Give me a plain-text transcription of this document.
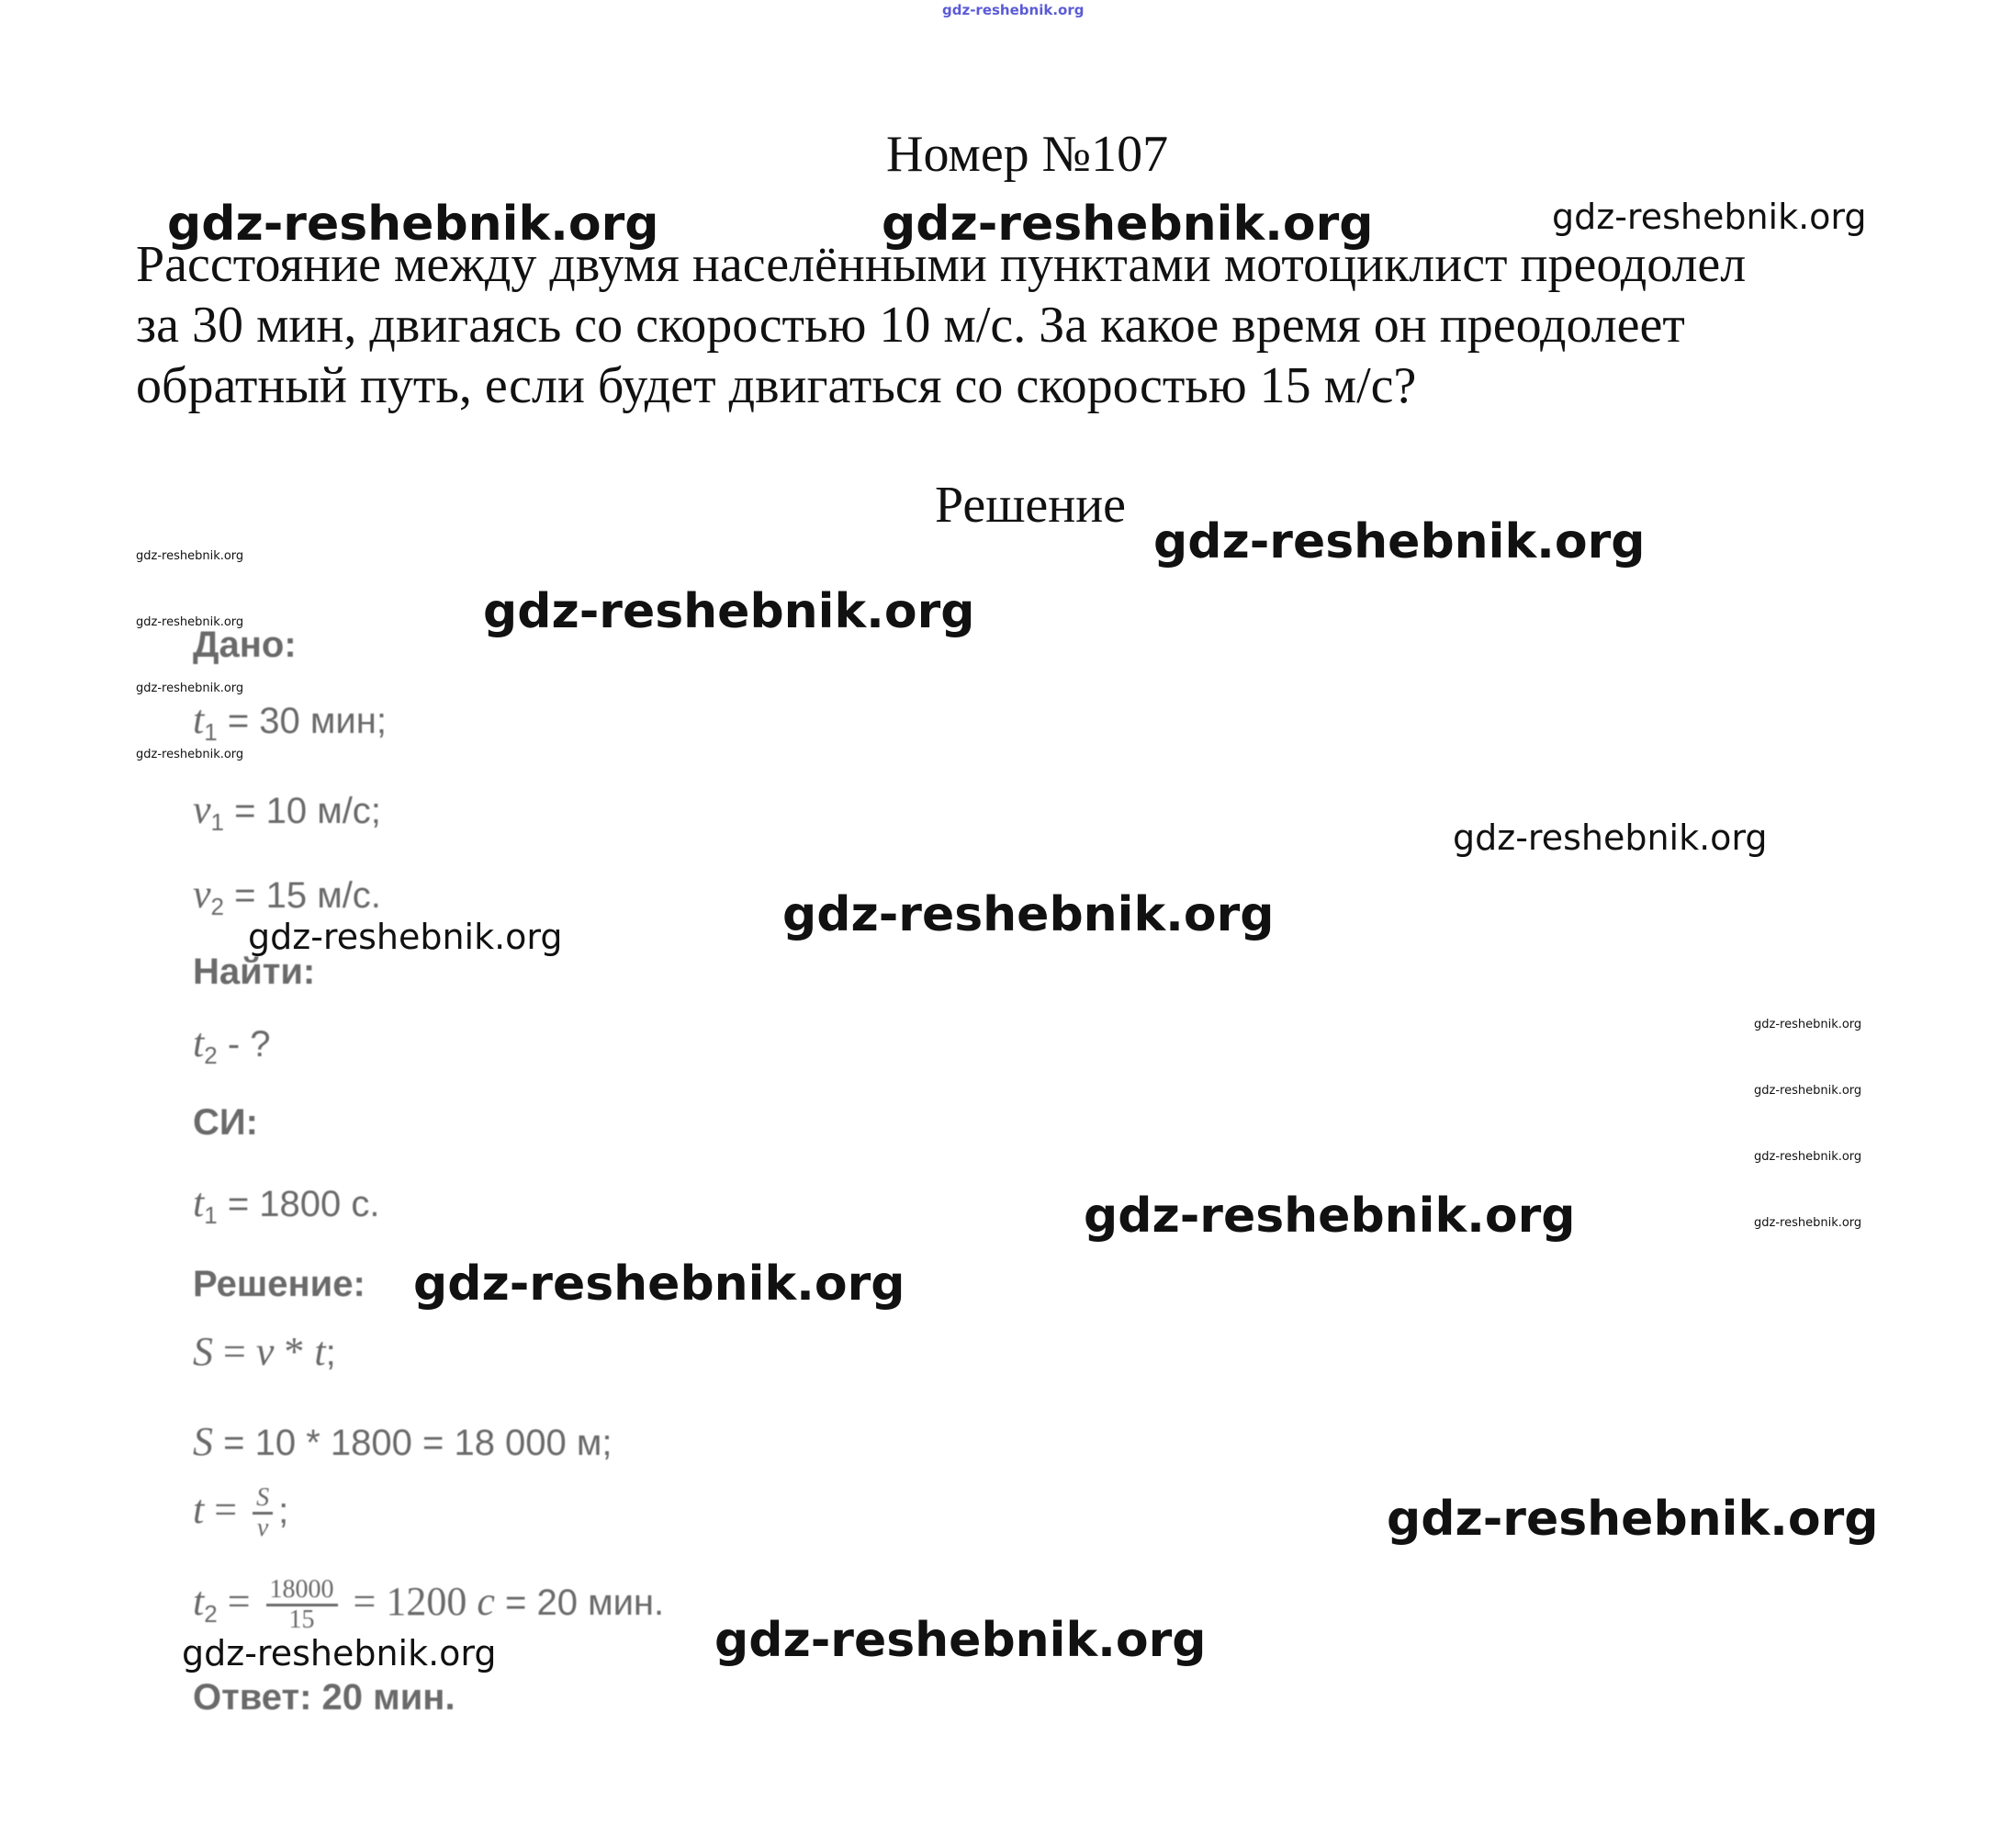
gdz-reshebnik.org
Номер №107
Расстояние между двумя населёнными пунктами мотоциклист преодолел
за 30 мин, двигаясь со скоростью 10 м/с. За какое время он преодолеет
обратный путь, если будет двигаться со скоростью 15 м/с?
Решение
Дано:
$t_1 = 30$ мин;
$v_1 = 10$ м/с;
$v_2 = 15$ м/с.
Найти:
$t_2$ - ?
СИ:
$t_1 = 1800$ с.
Решение:
S = v * t;
S = 10 * 1800 = 18 000 м;
$t = \frac{S}{v}$ ;
$t_2 = \frac{18000}{15} = 1200$ c = 20 мин.
Ответ: 20 мин.
gdz-reshebnik.org	gdz-reshebnik.org	gdz-reshebnik.org
gdz-reshebnik.org
gdz-reshebnik.org
gdz-reshebnik.org
gdz-reshebnik.org
gdz-reshebnik.org
gdz-reshebnik.org
gdz-reshebnik.org
gdz-reshebnik.org
gdz-reshebnik.org
gdz-reshebnik.org
gdz-reshebnik.org
gdz-reshebnik.org
gdz-reshebnik.org
gdz-reshebnik.org
gdz-reshebnik.org
gdz-reshebnik.org
gdz-reshebnik.org
gdz-reshebnik.org
